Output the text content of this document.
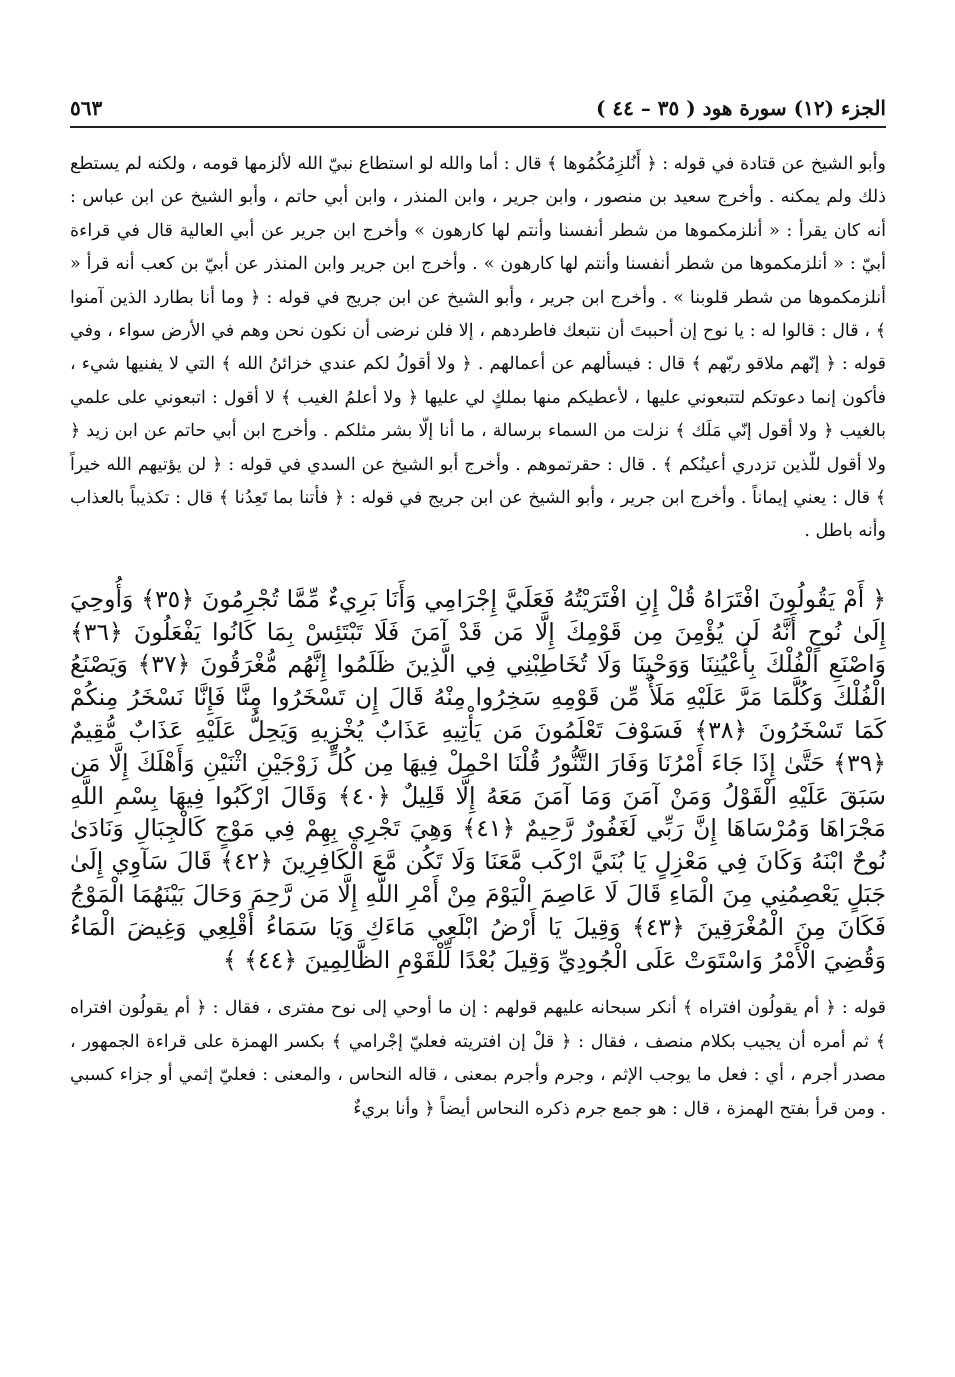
الجزء (١٢) سورة هود ( ٣٥ – ٤٤ )
٥٦٣
وأبو الشيخ عن قتادة في قوله : ﴿ أَنُلزِمُكُمُوها ﴾ قال : أما والله لو استطاع نبيّ الله لألزمها قومه ، ولكنه لم يستطع ذلك ولم يمكنه . وأخرج سعيد بن منصور ، وابن جرير ، وابن المنذر ، وابن أبي حاتم ، وأبو الشيخ عن ابن عباس : أنه كان يقرأ : « أنلزمكموها من شطر أنفسنا وأنتم لها كارهون » وأخرج ابن جرير عن أبي العالية قال في قراءة أبيّ : « أنلزمكموها من شطر أنفسنا وأنتم لها كارهون » . وأخرج ابن جرير وابن المنذر عن أبيّ بن كعب أنه قرأ « أنلزمكموها من شطر قلوبنا » . وأخرج ابن جرير ، وأبو الشيخ عن ابن جريج في قوله : ﴿ وما أنا بطارد الذين آمنوا ﴾ ، قال : قالوا له : يا نوح إن أحببتَ أن نتبعك فاطردهم ، إلا فلن نرضى أن نكون نحن وهم في الأرض سواء ، وفي قوله : ﴿ إنّهم ملاقو ربّهم ﴾ قال : فيسألهم عن أعمالهم . ﴿ ولا أقولُ لكم عندي خزائنُ الله ﴾ التي لا يفنيها شيء ، فأكون إنما دعوتكم لتتبعوني عليها ، لأعطيكم منها بملكٍ لي عليها ﴿ ولا أعلمُ الغيب ﴾ لا أقول : اتبعوني على علمي بالغيب ﴿ ولا أقول إنّي مَلَك ﴾ نزلت من السماء برسالة ، ما أنا إلّا بشر مثلكم . وأخرج ابن أبي حاتم عن ابن زيد ﴿ ولا أقول للّذين تزدري أعينُكم ﴾ . قال : حقرتموهم . وأخرج أبو الشيخ عن السدي في قوله : ﴿ لن يؤتيهم الله خيراً ﴾ قال : يعني إيماناً . وأخرج ابن جرير ، وأبو الشيخ عن ابن جريج في قوله : ﴿ فأتنا بما تَعِدُنا ﴾ قال : تكذيباً بالعذاب وأنه باطل .
﴿ أَمْ يَقُولُونَ افْتَرَاهُ قُلْ إِنِ افْتَرَيْتُهُ فَعَلَيَّ إِجْرَامِي وَأَنَا بَرِيءٌ مِّمَّا تُجْرِمُونَ ﴿٣٥﴾ وَأُوحِيَ إِلَىٰ نُوحٍ أَنَّهُ لَن يُؤْمِنَ مِن قَوْمِكَ إِلَّا مَن قَدْ آمَنَ فَلَا تَبْتَئِسْ بِمَا كَانُوا يَفْعَلُونَ ﴿٣٦﴾ وَاصْنَعِ الْفُلْكَ بِأَعْيُنِنَا وَوَحْيِنَا وَلَا تُخَاطِبْنِي فِي الَّذِينَ ظَلَمُوا إِنَّهُم مُّغْرَقُونَ ﴿٣٧﴾ وَيَصْنَعُ الْفُلْكَ وَكُلَّمَا مَرَّ عَلَيْهِ مَلَأٌ مِّن قَوْمِهِ سَخِرُوا مِنْهُ قَالَ إِن تَسْخَرُوا مِنَّا فَإِنَّا نَسْخَرُ مِنكُمْ كَمَا تَسْخَرُونَ ﴿٣٨﴾ فَسَوْفَ تَعْلَمُونَ مَن يَأْتِيهِ عَذَابٌ يُخْزِيهِ وَيَحِلُّ عَلَيْهِ عَذَابٌ مُّقِيمٌ ﴿٣٩﴾ حَتَّىٰ إِذَا جَاءَ أَمْرُنَا وَفَارَ التَّنُّورُ قُلْنَا احْمِلْ فِيهَا مِن كُلٍّ زَوْجَيْنِ اثْنَيْنِ وَأَهْلَكَ إِلَّا مَن سَبَقَ عَلَيْهِ الْقَوْلُ وَمَنْ آمَنَ وَمَا آمَنَ مَعَهُ إِلَّا قَلِيلٌ ﴿٤٠﴾ وَقَالَ ارْكَبُوا فِيهَا بِسْمِ اللَّهِ مَجْرَاهَا وَمُرْسَاهَا إِنَّ رَبِّي لَغَفُورٌ رَّحِيمٌ ﴿٤١﴾ وَهِيَ تَجْرِي بِهِمْ فِي مَوْجٍ كَالْجِبَالِ وَنَادَىٰ نُوحٌ ابْنَهُ وَكَانَ فِي مَعْزِلٍ يَا بُنَيَّ ارْكَب مَّعَنَا وَلَا تَكُن مَّعَ الْكَافِرِينَ ﴿٤٢﴾ قَالَ سَآوِي إِلَىٰ جَبَلٍ يَعْصِمُنِي مِنَ الْمَاءِ قَالَ لَا عَاصِمَ الْيَوْمَ مِنْ أَمْرِ اللَّهِ إِلَّا مَن رَّحِمَ وَحَالَ بَيْنَهُمَا الْمَوْجُ فَكَانَ مِنَ الْمُغْرَقِينَ ﴿٤٣﴾ وَقِيلَ يَا أَرْضُ ابْلَعِي مَاءَكِ وَيَا سَمَاءُ أَقْلِعِي وَغِيضَ الْمَاءُ وَقُضِيَ الْأَمْرُ وَاسْتَوَتْ عَلَى الْجُودِيِّ وَقِيلَ بُعْدًا لِّلْقَوْمِ الظَّالِمِينَ ﴿٤٤﴾ ﴾
قوله : ﴿ أم يقولُون افتراه ﴾ أنكر سبحانه عليهم قولهم : إن ما أوحي إلى نوح مفترى ، فقال : ﴿ أم يقولُون افتراه ﴾ ثم أمره أن يجيب بكلام منصف ، فقال : ﴿ قلْ إن افتريته فعليّ إجْرامي ﴾ بكسر الهمزة على قراءة الجمهور ، مصدر أجرم ، أي : فعل ما يوجب الإثم ، وجرم وأجرم بمعنى ، قاله النحاس ، والمعنى : فعليّ إثمي أو جزاء كسبي . ومن قرأ بفتح الهمزة ، قال : هو جمع جرم ذكره النحاس أيضاً ﴿ وأنا بريءٌ
